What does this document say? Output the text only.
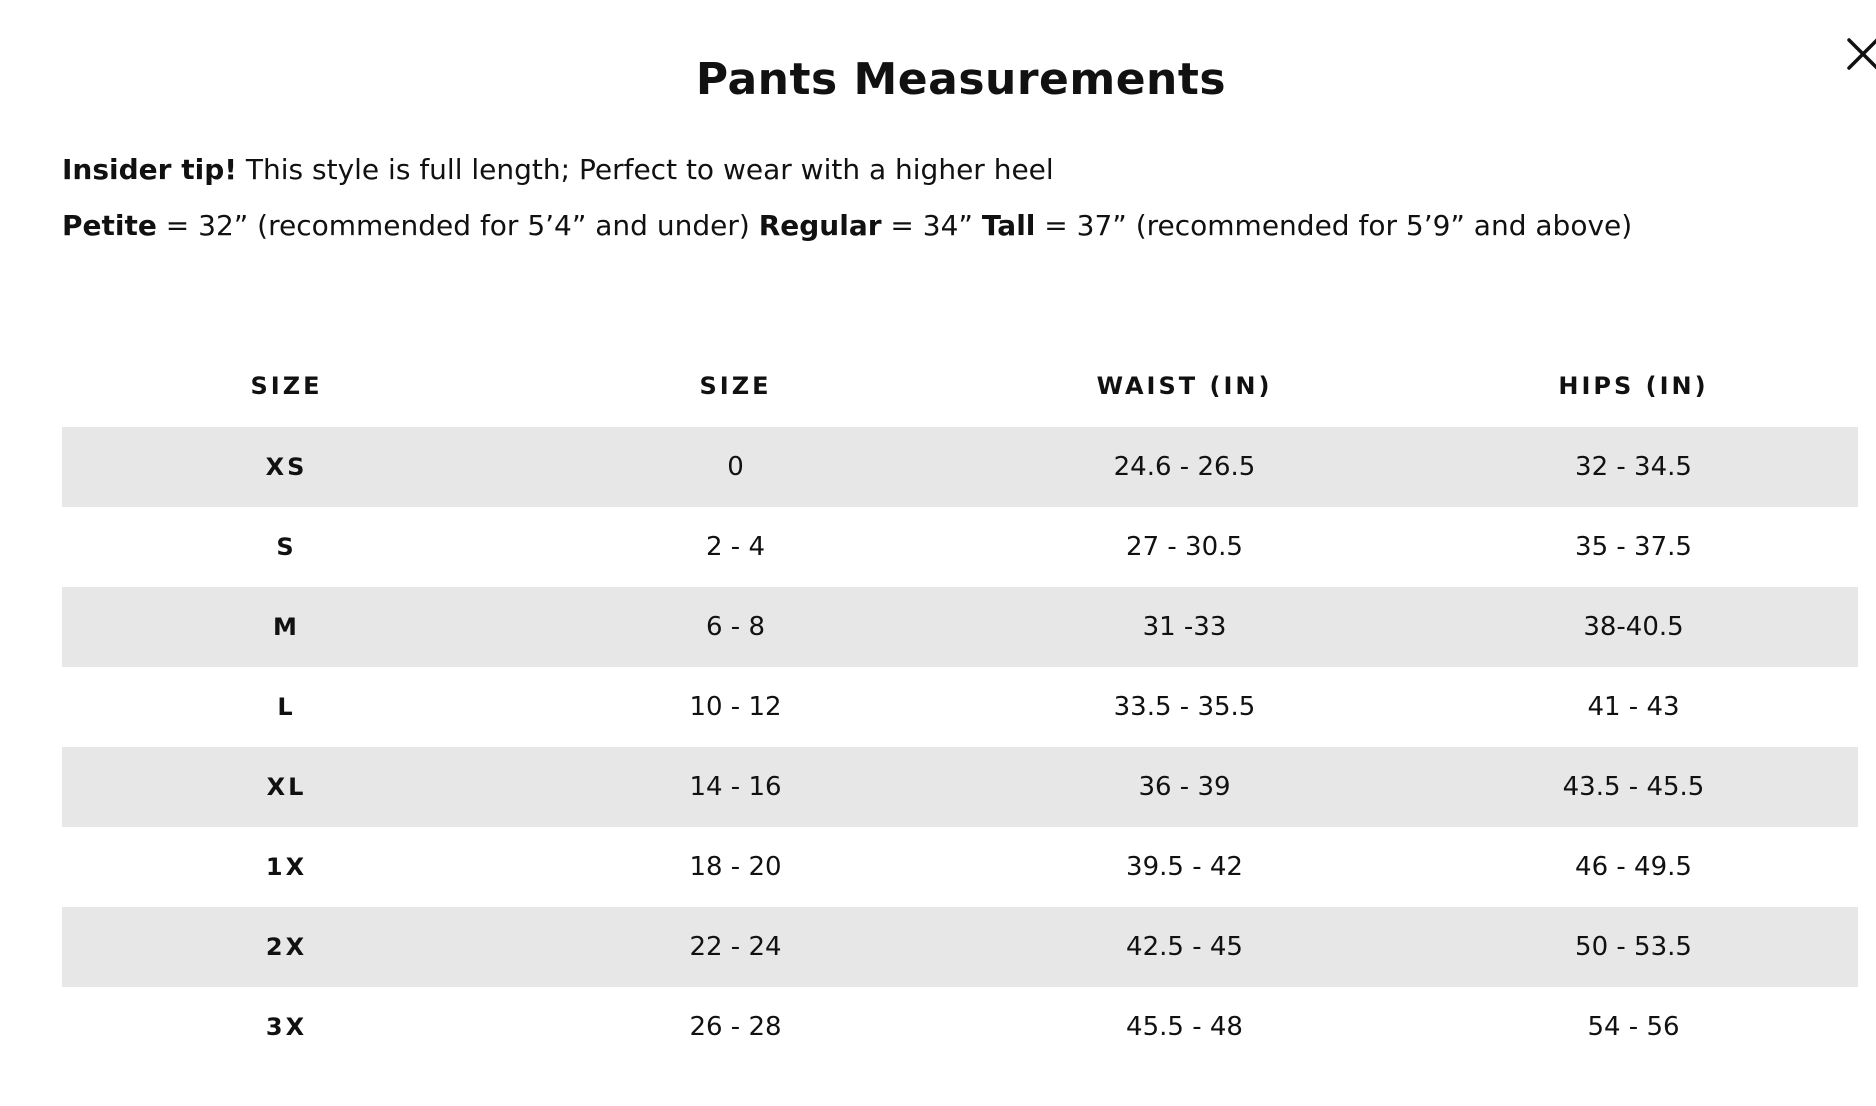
Pants Measurements
Insider tip! This style is full length; Perfect to wear with a higher heel
Petite = 32” (recommended for 5’4” and under) Regular = 34” Tall = 37” (recommended for 5’9” and above)
SIZE	SIZE	WAIST (IN)	HIPS (IN)
XS	0	24.6 - 26.5	32 - 34.5
S	2 - 4	27 - 30.5	35 - 37.5
M	6 - 8	31 -33	38-40.5
L	10 - 12	33.5 - 35.5	41 - 43
XL	14 - 16	36 - 39	43.5 - 45.5
1X	18 - 20	39.5 - 42	46 - 49.5
2X	22 - 24	42.5 - 45	50 - 53.5
3X	26 - 28	45.5 - 48	54 - 56
